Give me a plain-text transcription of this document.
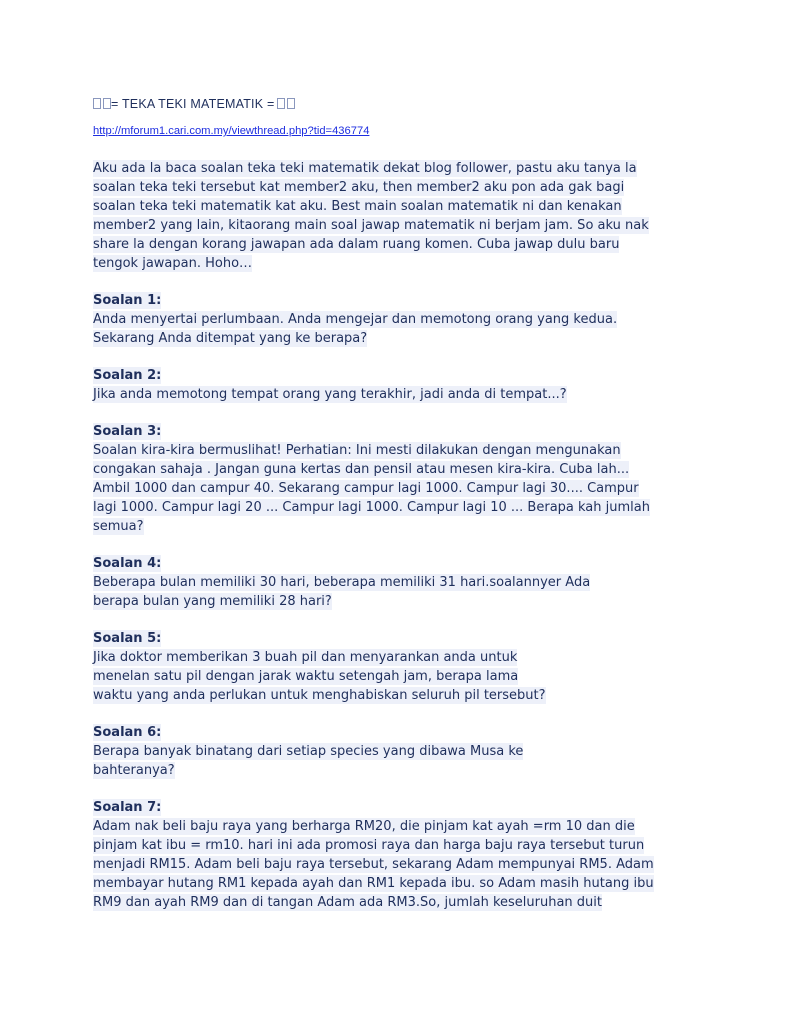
= TEKA TEKI MATEMATIK =
http://mforum1.cari.com.my/viewthread.php?tid=436774
Aku ada la baca soalan teka teki matematik dekat blog follower, pastu aku tanya la
soalan teka teki tersebut kat member2 aku, then member2 aku pon ada gak bagi
soalan teka teki matematik kat aku. Best main soalan matematik ni dan kenakan
member2 yang lain, kitaorang main soal jawap matematik ni berjam jam. So aku nak
share la dengan korang jawapan ada dalam ruang komen. Cuba jawap dulu baru
tengok jawapan. Hoho…
Soalan 1:
Anda menyertai perlumbaan. Anda mengejar dan memotong orang yang kedua.
Sekarang Anda ditempat yang ke berapa?
Soalan 2:
Jika anda memotong tempat orang yang terakhir, jadi anda di tempat...?
Soalan 3:
Soalan kira-kira bermuslihat! Perhatian: Ini mesti dilakukan dengan mengunakan
congakan sahaja . Jangan guna kertas dan pensil atau mesen kira-kira. Cuba lah...
Ambil 1000 dan campur 40. Sekarang campur lagi 1000. Campur lagi 30.... Campur
lagi 1000. Campur lagi 20 ... Campur lagi 1000. Campur lagi 10 ... Berapa kah jumlah
semua?
Soalan 4:
Beberapa bulan memiliki 30 hari, beberapa memiliki 31 hari.soalannyer Ada
berapa bulan yang memiliki 28 hari?
Soalan 5:
Jika doktor memberikan 3 buah pil dan menyarankan anda untuk
menelan satu pil dengan jarak waktu setengah jam, berapa lama
waktu yang anda perlukan untuk menghabiskan seluruh pil tersebut?
Soalan 6:
Berapa banyak binatang dari setiap species yang dibawa Musa ke
bahteranya?
Soalan 7:
Adam nak beli baju raya yang berharga RM20, die pinjam kat ayah =rm 10 dan die
pinjam kat ibu = rm10. hari ini ada promosi raya dan harga baju raya tersebut turun
menjadi RM15. Adam beli baju raya tersebut, sekarang Adam mempunyai RM5. Adam
membayar hutang RM1 kepada ayah dan RM1 kepada ibu. so Adam masih hutang ibu
RM9 dan ayah RM9 dan di tangan Adam ada RM3.So, jumlah keseluruhan duit
